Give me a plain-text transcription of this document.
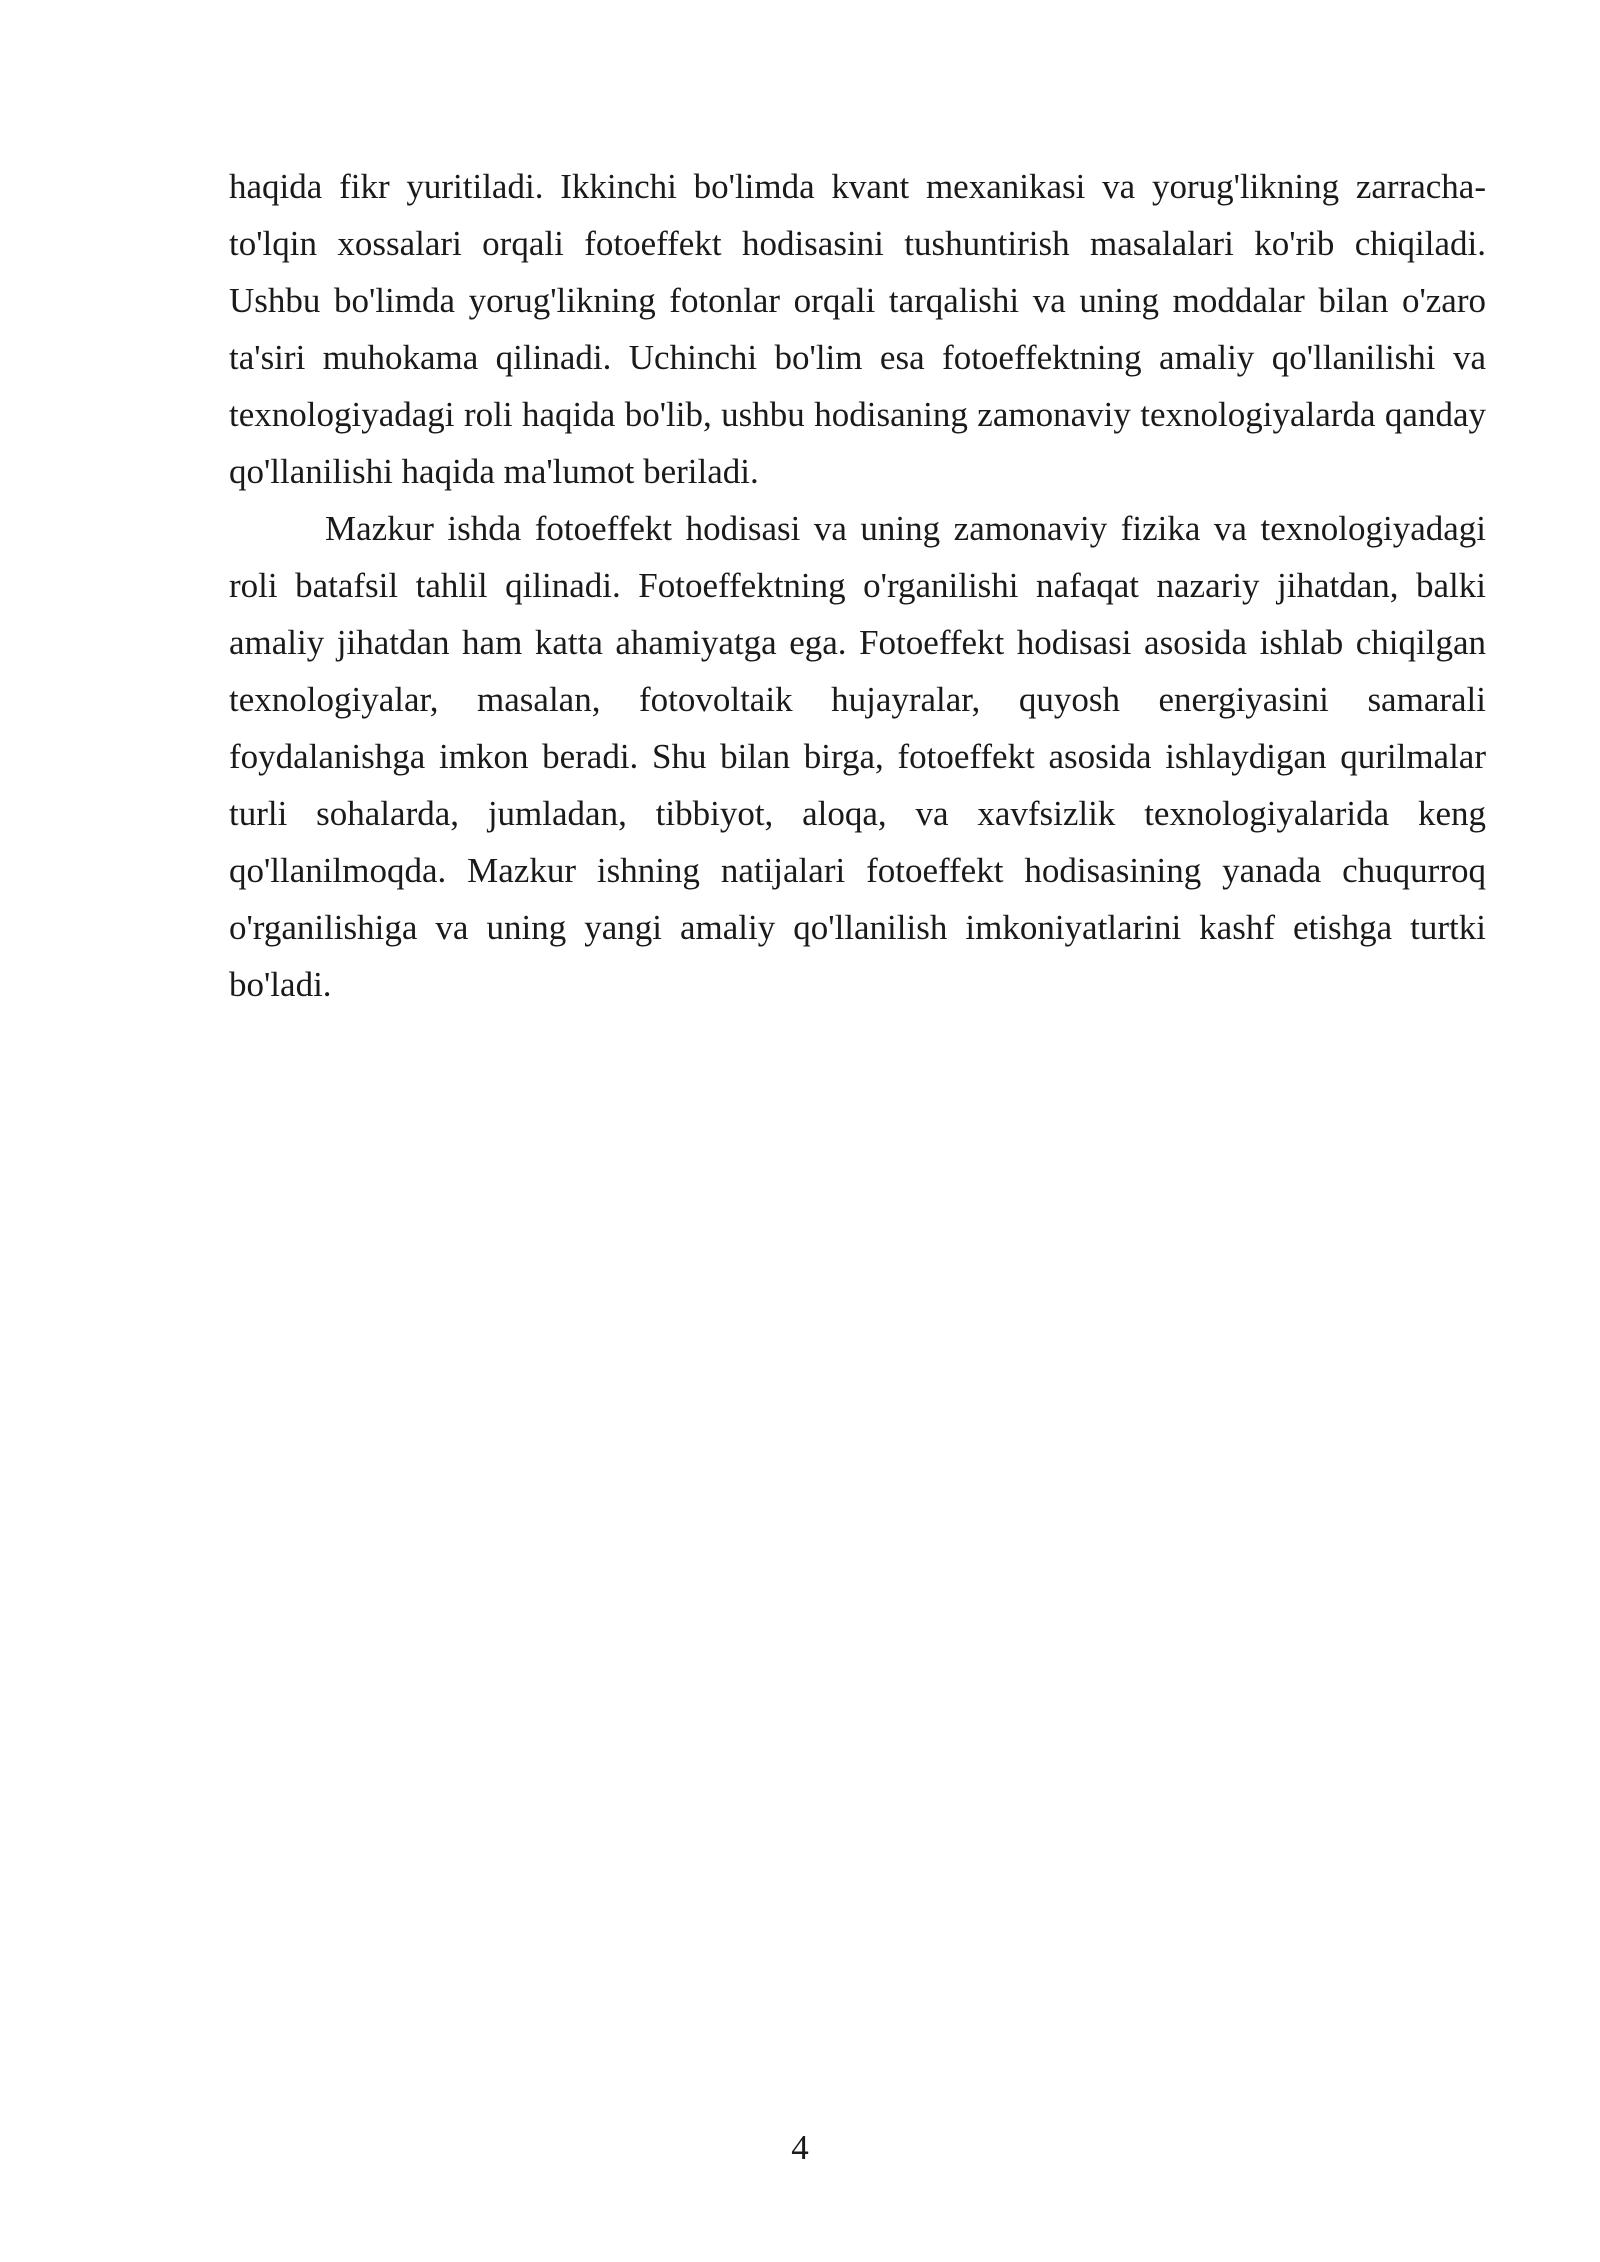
haqida fikr yuritiladi. Ikkinchi bo'limda kvant mexanikasi va yorug'likning zarracha-to'lqin xossalari orqali fotoeffekt hodisasini tushuntirish masalalari ko'rib chiqiladi. Ushbu bo'limda yorug'likning fotonlar orqali tarqalishi va uning moddalar bilan o'zaro ta'siri muhokama qilinadi. Uchinchi bo'lim esa fotoeffektning amaliy qo'llanilishi va texnologiyadagi roli haqida bo'lib, ushbu hodisaning zamonaviy texnologiyalarda qanday qo'llanilishi haqida ma'lumot beriladi.

Mazkur ishda fotoeffekt hodisasi va uning zamonaviy fizika va texnologiyadagi roli batafsil tahlil qilinadi. Fotoeffektning o'rganilishi nafaqat nazariy jihatdan, balki amaliy jihatdan ham katta ahamiyatga ega. Fotoeffekt hodisasi asosida ishlab chiqilgan texnologiyalar, masalan, fotovoltaik hujayralar, quyosh energiyasini samarali foydalanishga imkon beradi. Shu bilan birga, fotoeffekt asosida ishlaydigan qurilmalar turli sohalarda, jumladan, tibbiyot, aloqa, va xavfsizlik texnologiyalarida keng qo'llanilmoqda. Mazkur ishning natijalari fotoeffekt hodisasining yanada chuqurroq o'rganilishiga va uning yangi amaliy qo'llanilish imkoniyatlarini kashf etishga turtki bo'ladi.

4
